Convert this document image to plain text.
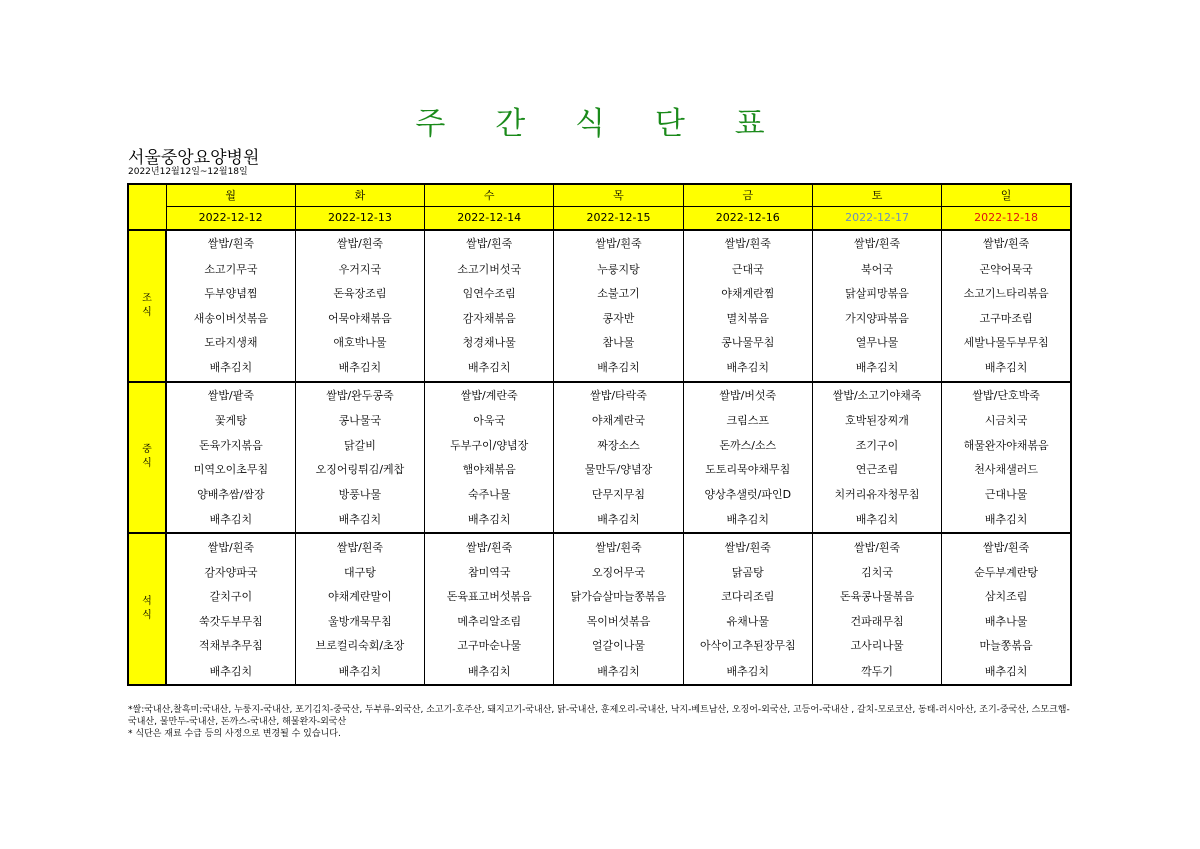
주 간 식 단 표
서울중앙요양병원
2022년12월12일~12월18일
	월	화	수	목	금	토	일
	2022-12-12	2022-12-13	2022-12-14	2022-12-15	2022-12-16	2022-12-17	2022-12-18
조식	쌀밥/흰죽	쌀밥/흰죽	쌀밥/흰죽	쌀밥/흰죽	쌀밥/흰죽	쌀밥/흰죽	쌀밥/흰죽
	소고기무국	우거지국	소고기버섯국	누룽지탕	근대국	북어국	곤약어묵국
	두부양념찜	돈육장조림	임연수조림	소불고기	야채계란찜	닭살피망볶음	소고기느타리볶음
	새송이버섯볶음	어묵야채볶음	감자채볶음	콩자반	멸치볶음	가지양파볶음	고구마조림
	도라지생채	애호박나물	청경채나물	참나물	콩나물무침	열무나물	세발나물두부무침
	배추김치	배추김치	배추김치	배추김치	배추김치	배추김치	배추김치
중식	쌀밥/팥죽	쌀밥/완두콩죽	쌀밥/계란죽	쌀밥/타락죽	쌀밥/버섯죽	쌀밥/소고기야채죽	쌀밥/단호박죽
	꽃게탕	콩나물국	아욱국	야채계란국	크림스프	호박된장찌개	시금치국
	돈육가지볶음	닭갈비	두부구이/양념장	짜장소스	돈까스/소스	조기구이	해물완자야채볶음
	미역오이초무침	오징어링튀김/케찹	햄야채볶음	물만두/양념장	도토리묵야채무침	연근조림	천사채샐러드
	양배추쌈/쌈장	방풍나물	숙주나물	단무지무침	양상추샐럿/파인D	치커리유자청무침	근대나물
	배추김치	배추김치	배추김치	배추김치	배추김치	배추김치	배추김치
석식	쌀밥/흰죽	쌀밥/흰죽	쌀밥/흰죽	쌀밥/흰죽	쌀밥/흰죽	쌀밥/흰죽	쌀밥/흰죽
	감자양파국	대구탕	참미역국	오징어무국	닭곰탕	김치국	순두부계란탕
	갈치구이	야채계란말이	돈육표고버섯볶음	닭가슴살마늘쫑볶음	코다리조림	돈육콩나물볶음	삼치조림
	쑥갓두부무침	울방개묵무침	메추리알조림	목이버섯볶음	유채나물	건파래무침	배추나물
	적채부추무침	브로컬리숙회/초장	고구마순나물	얼갈이나물	아삭이고추된장무침	고사리나물	마늘쫑볶음
	배추김치	배추김치	배추김치	배추김치	배추김치	깍두기	배추김치
*쌀:국내산,찰흑미:국내산, 누룽지-국내산, 포기김치-중국산, 두부류-외국산, 소고기-호주산, 돼지고기-국내산, 닭-국내산, 훈제오리-국내산, 낙지-베트남산, 오징어-외국산, 고등어-국내산 , 갈치-모로코산, 동태-러시아산, 조기-중국산, 스모크햄-국내산, 물만두-국내산, 돈까스-국내산, 해물완자-외국산
* 식단은 재료 수급 등의 사정으로 변경될 수 있습니다.
